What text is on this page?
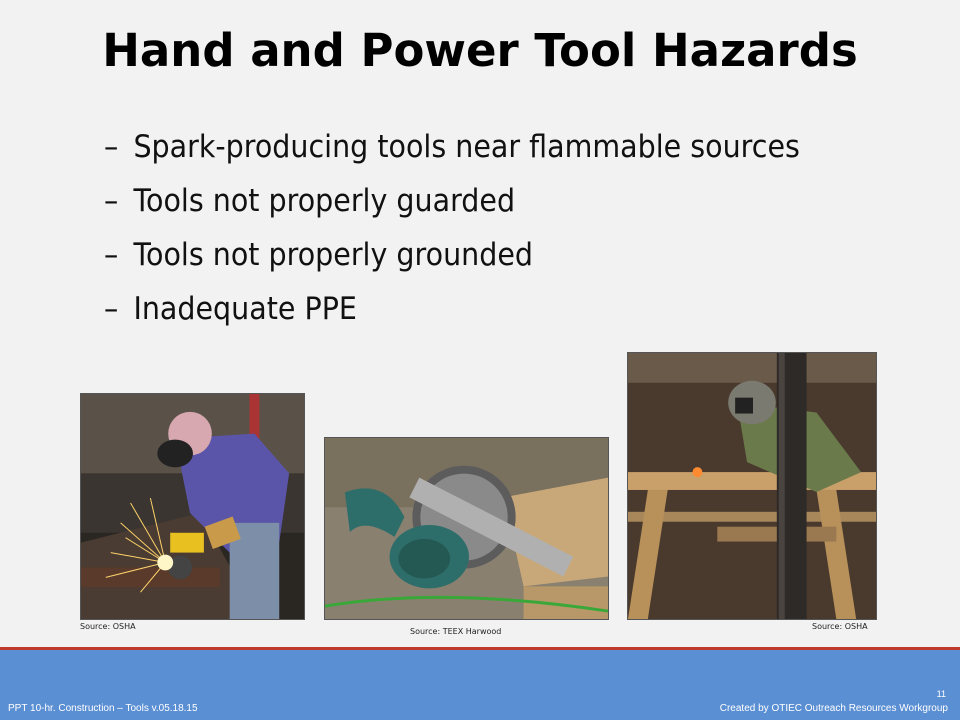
Hand and Power Tool Hazards
– Spark-producing tools near flammable sources
– Tools not properly guarded
– Tools not properly grounded
– Inadequate PPE
Source: OSHA
Source: TEEX Harwood
Source: OSHA
11
Created by OTIEC Outreach Resources Workgroup
PPT 10-hr. Construction – Tools v.05.18.15
